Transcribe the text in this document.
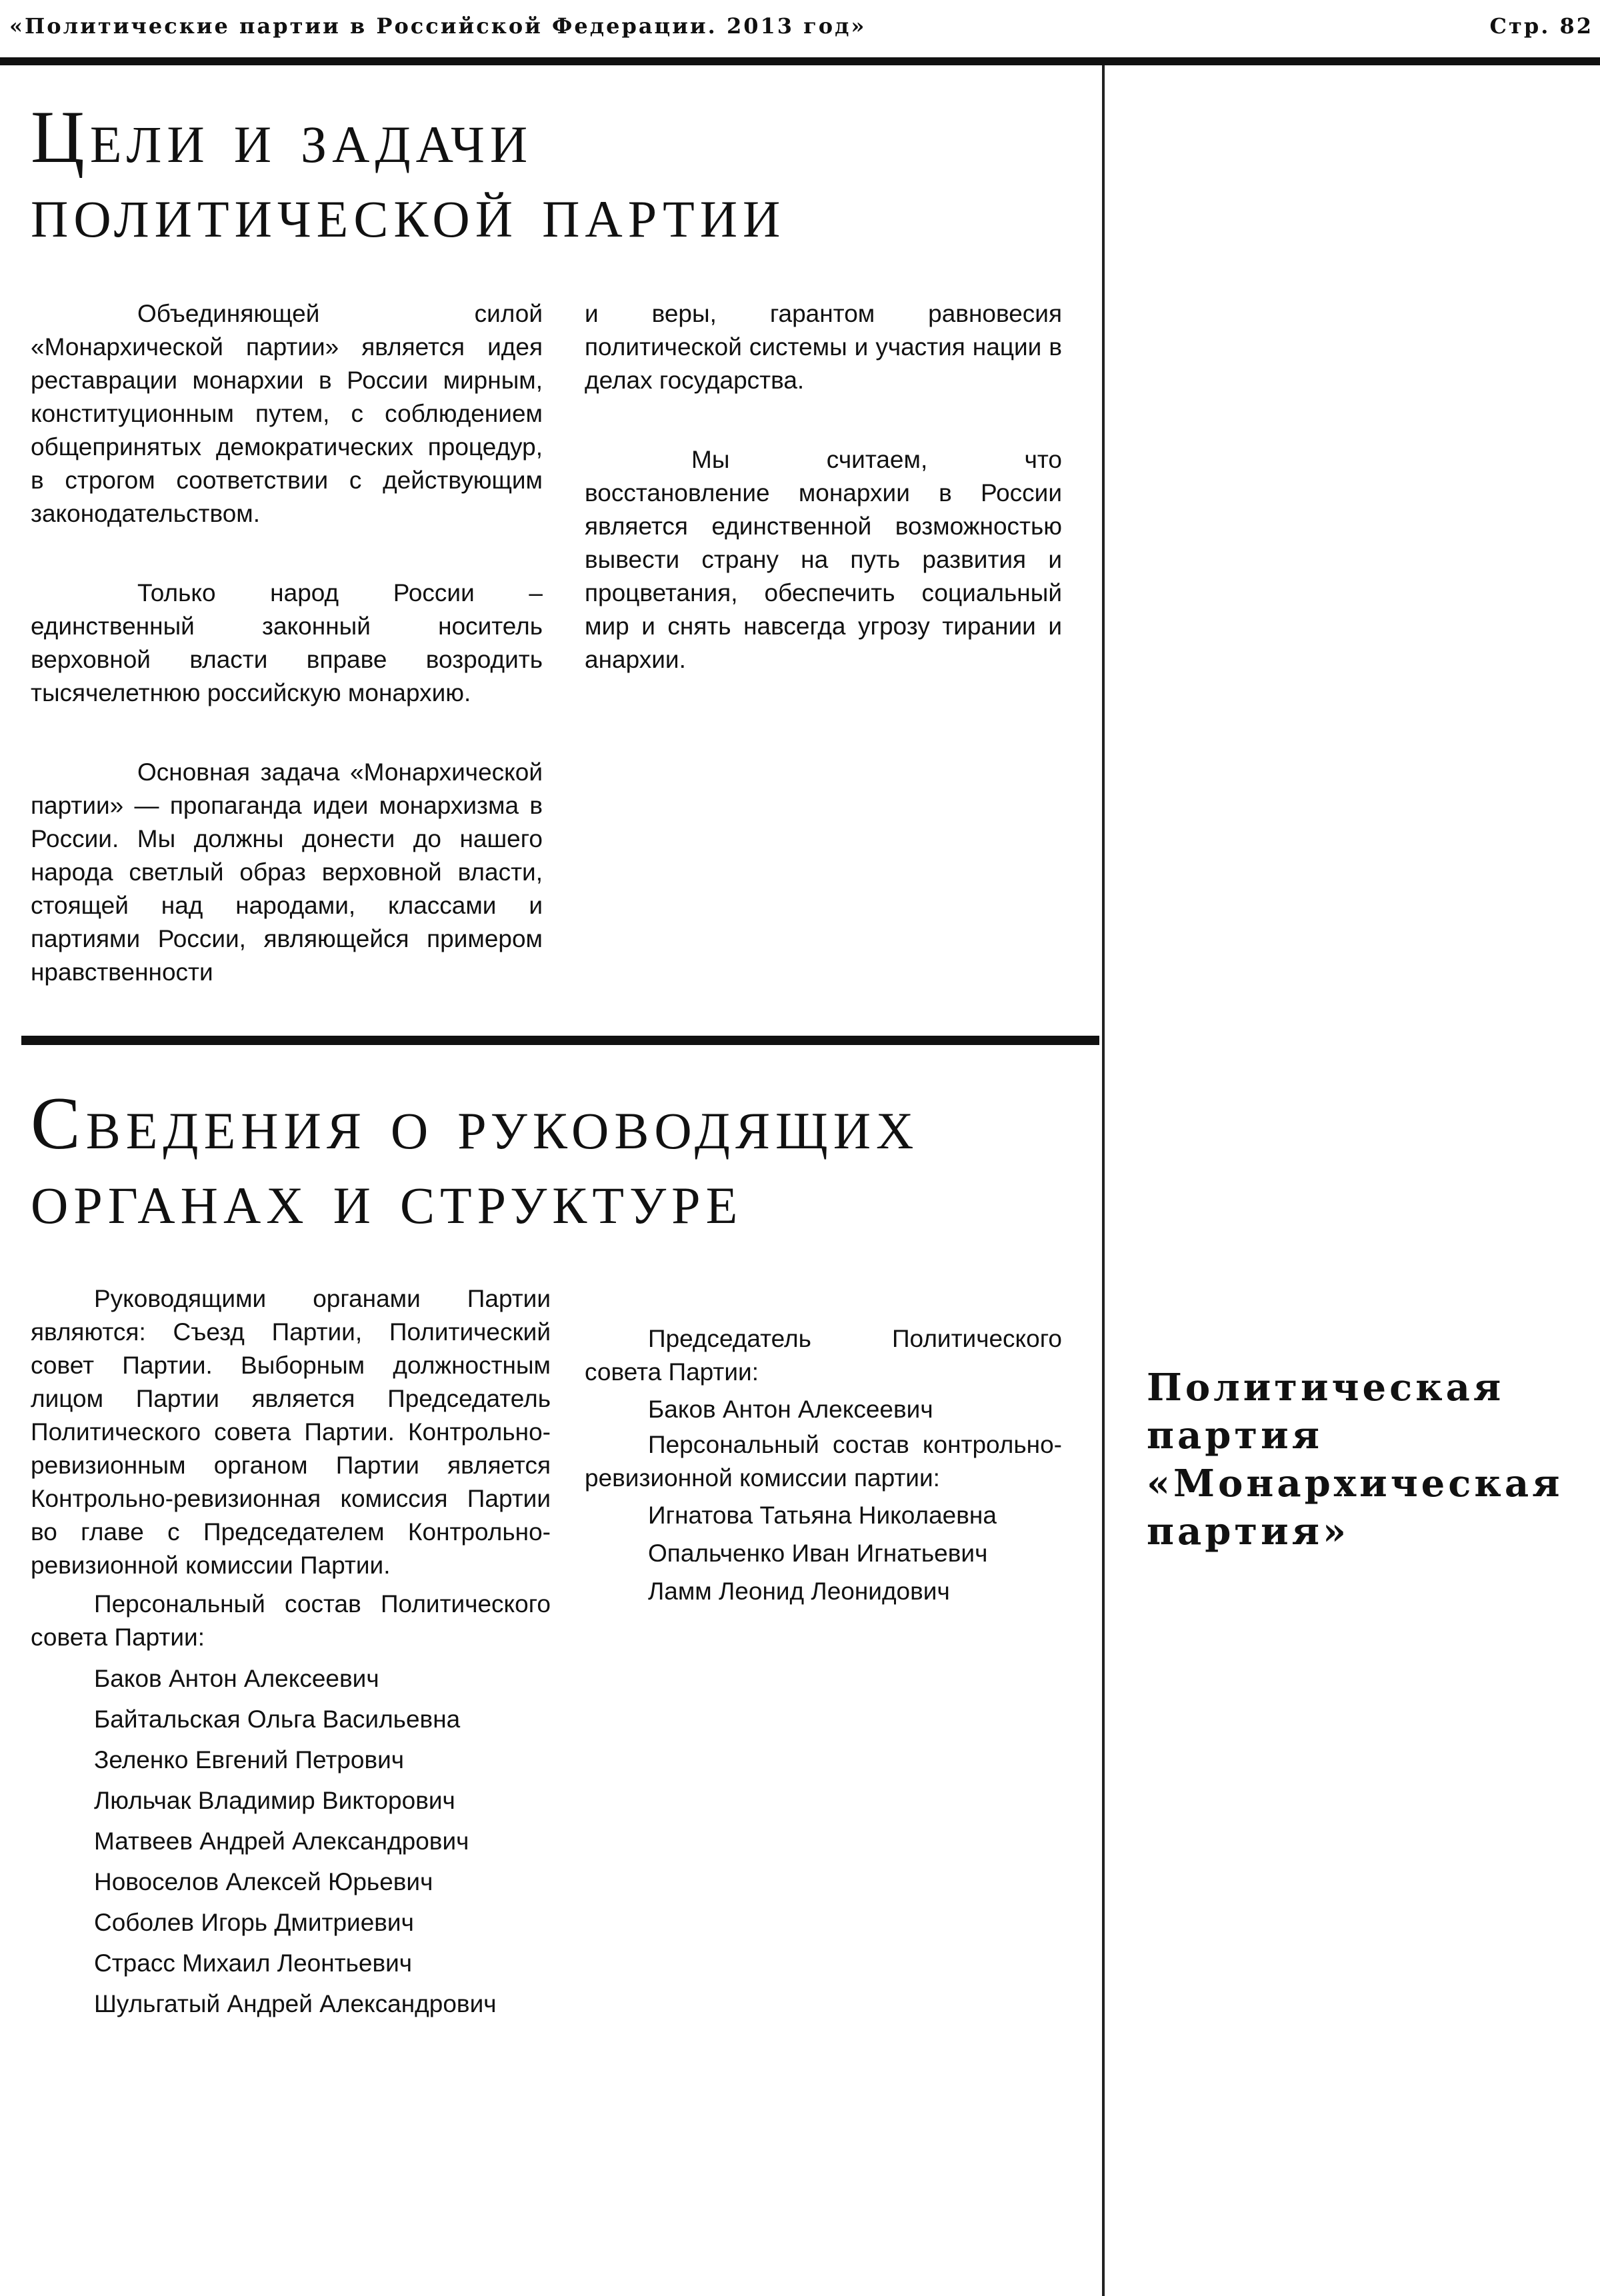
«Политические партии в Российской Федерации. 2013 год»	Стр. 82
Цели и задачи
политической партии

Объединяющей силой «Монархической партии» является идея реставрации монархии в России мирным, конституционным путем, с соблюдением общепринятых демократических процедур, в строгом соответствии с действующим законодательством.

Только народ России – единственный законный носитель верховной власти вправе возродить тысячелетнюю российскую монархию.

Основная задача «Монархической партии» — пропаганда идеи монархизма в России. Мы должны донести до нашего народа светлый образ верховной власти, стоящей над народами, классами и партиями России, являющейся примером нравственности

и веры, гарантом равновесия политической системы и участия нации в делах государства.

Мы считаем, что восстановление монархии в России является единственной возможностью вывести страну на путь развития и процветания, обеспечить социальный мир и снять навсегда угрозу тирании и анархии.

Сведения о руководящих
органах и структуре

Руководящими органами Партии являются: Съезд Партии, Политический совет Партии. Выборным должностным лицом Партии является Председатель Политического совета Партии. Контрольно-ревизионным органом Партии является Контрольно-ревизионная комиссия Партии во главе с Председателем Контрольно-ревизионной комиссии Партии.

Персональный состав Политического совета Партии:

Баков Антон Алексеевич
Байтальская Ольга Васильевна
Зеленко Евгений Петрович
Люльчак Владимир Викторович
Матвеев Андрей Александрович
Новоселов Алексей Юрьевич
Соболев Игорь Дмитриевич
Страсс Михаил Леонтьевич
Шульгатый Андрей Александрович

Председатель Политического совета Партии:

Баков Антон Алексеевич

Персональный состав контрольно-ревизионной комиссии партии:

Игнатова Татьяна Николаевна
Опальченко Иван Игнатьевич
Ламм Леонид Леонидович
Политическая партия «Монархическая партия»
